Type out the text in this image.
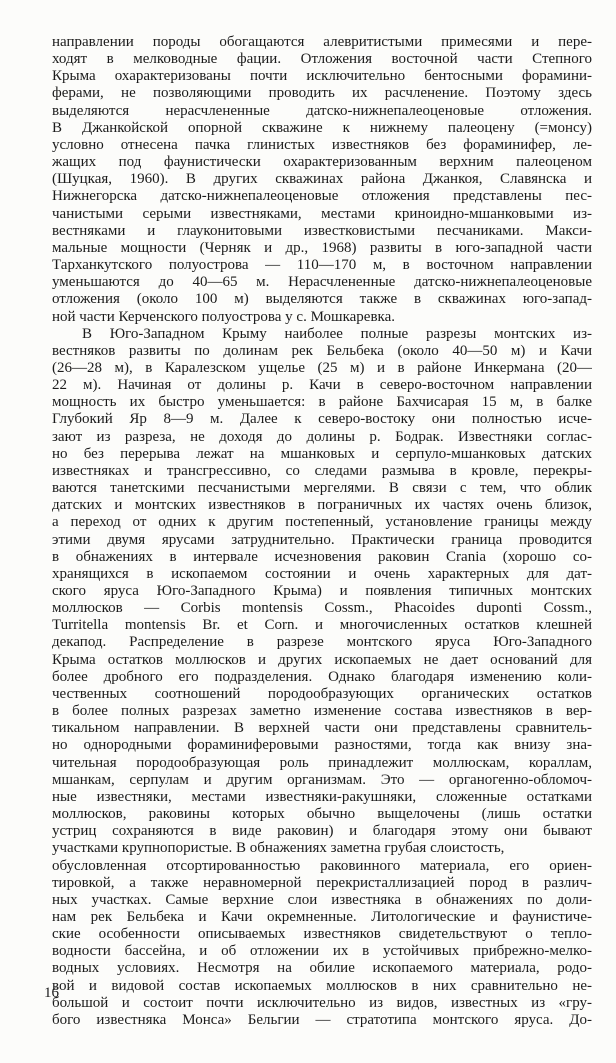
направлении породы обогащаются алевритистыми примесями и пере-
ходят в мелководные фации. Отложения восточной части Степного
Крыма охарактеризованы почти исключительно бентосными форамини-
ферами, не позволяющими проводить их расчленение. Поэтому здесь
выделяются нерасчлененные датско-нижнепалеоценовые отложения.
В Джанкойской опорной скважине к нижнему палеоцену (=монсу)
условно отнесена пачка глинистых известняков без фораминифер, ле-
жащих под фаунистически охарактеризованным верхним палеоценом
(Шуцкая, 1960). В других скважинах района Джанкоя, Славянска и
Нижнегорска датско-нижнепалеоценовые отложения представлены пес-
чанистыми серыми известняками, местами криноидно-мшанковыми из-
вестняками и глауконитовыми известковистыми песчаниками. Макси-
мальные мощности (Черняк и др., 1968) развиты в юго-западной части
Тарханкутского полуострова — 110—170 м, в восточном направлении
уменьшаются до 40—65 м. Нерасчлененные датско-нижнепалеоценовые
отложения (около 100 м) выделяются также в скважинах юго-запад-
ной части Керченского полуострова у с. Мошкаревка.
В Юго-Западном Крыму наиболее полные разрезы монтских из-
вестняков развиты по долинам рек Бельбека (около 40—50 м) и Качи
(26—28 м), в Каралезском ущелье (25 м) и в районе Инкермана (20—
22 м). Начиная от долины р. Качи в северо-восточном направлении
мощность их быстро уменьшается: в районе Бахчисарая 15 м, в балке
Глубокий Яр 8—9 м. Далее к северо-востоку они полностью исче-
зают из разреза, не доходя до долины р. Бодрак. Известняки соглас-
но без перерыва лежат на мшанковых и серпуло-мшанковых датских
известняках и трансгрессивно, со следами размыва в кровле, перекры-
ваются танетскими песчанистыми мергелями. В связи с тем, что облик
датских и монтских известняков в пограничных их частях очень близок,
а переход от одних к другим постепенный, установление границы между
этими двумя ярусами затруднительно. Практически граница проводится
в обнажениях в интервале исчезновения раковин Crania (хорошо со-
хранящихся в ископаемом состоянии и очень характерных для дат-
ского яруса Юго-Западного Крыма) и появления типичных монтских
моллюсков — Corbis montensis Cossm., Phacoides duponti Cossm.,
Turritella montensis Br. et Corn. и многочисленных остатков клешней
декапод. Распределение в разрезе монтского яруса Юго-Западного
Крыма остатков моллюсков и других ископаемых не дает оснований для
более дробного его подразделения. Однако благодаря изменению коли-
чественных соотношений породообразующих органических остатков
в более полных разрезах заметно изменение состава известняков в вер-
тикальном направлении. В верхней части они представлены сравнитель-
но однородными фораминиферовыми разностями, тогда как внизу зна-
чительная породообразующая роль принадлежит моллюскам, кораллам,
мшанкам, серпулам и другим организмам. Это — органогенно-обломоч-
ные известняки, местами известняки-ракушняки, сложенные остатками
моллюсков, раковины которых обычно выщелочены (лишь остатки
устриц сохраняются в виде раковин) и благодаря этому они бывают
участками крупнопористые. В обнажениях заметна грубая слоистость,
обусловленная отсортированностью раковинного материала, его ориен-
тировкой, а также неравномерной перекристаллизацией пород в различ-
ных участках. Самые верхние слои известняка в обнажениях по доли-
нам рек Бельбека и Качи окремненные. Литологические и фаунистиче-
ские особенности описываемых известняков свидетельствуют о тепло-
водности бассейна, и об отложении их в устойчивых прибрежно-мелко-
водных условиях. Несмотря на обилие ископаемого материала, родо-
вой и видовой состав ископаемых моллюсков в них сравнительно не-
большой и состоит почти исключительно из видов, известных из «гру-
бого известняка Монса» Бельгии — стратотипа монтского яруса. До-
16
